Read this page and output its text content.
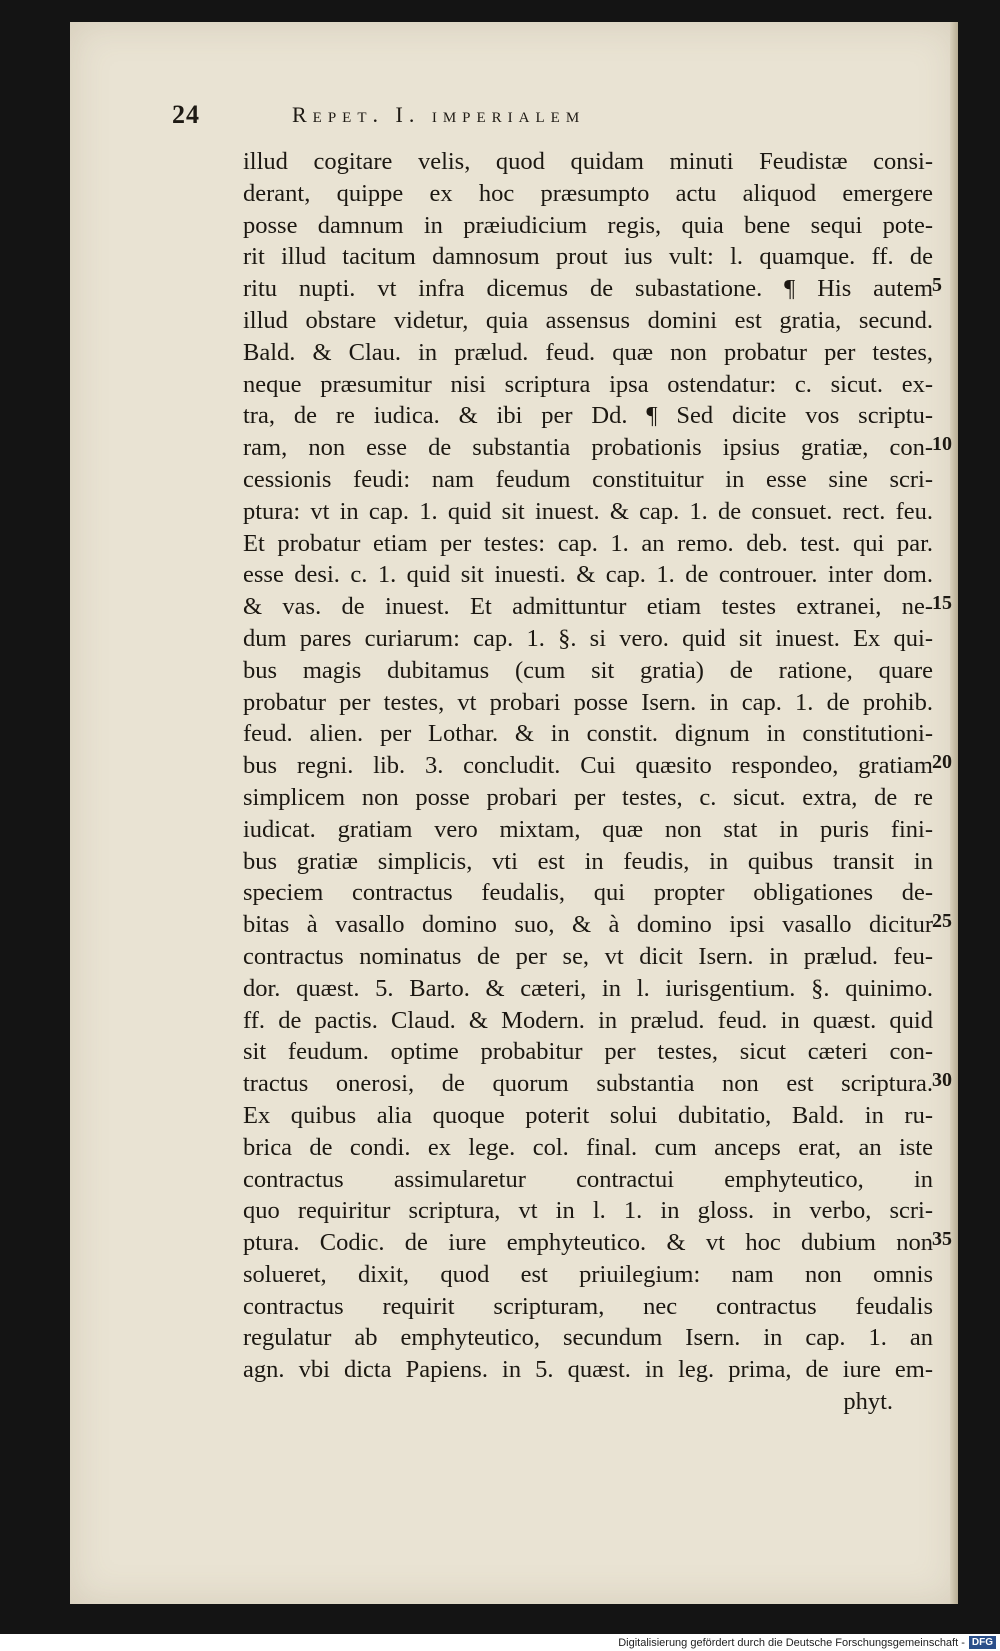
24	Repet. I. imperialem
illud cogitare velis, quod quidam minuti Feudistæ consi-
derant, quippe ex hoc præsumpto actu aliquod emergere
posse damnum in præiudicium regis, quia bene sequi pote-
rit illud tacitum damnosum prout ius vult: l. quamque. ff. de
ritu nupti. vt infra dicemus de subastatione. ¶ His autem
illud obstare videtur, quia assensus domini est gratia, secund.
Bald. & Clau. in prælud. feud. quæ non probatur per testes,
neque præsumitur nisi scriptura ipsa ostendatur: c. sicut. ex-
tra, de re iudica. & ibi per Dd. ¶ Sed dicite vos scriptu-
ram, non esse de substantia probationis ipsius gratiæ, con-
cessionis feudi: nam feudum constituitur in esse sine scri-
ptura: vt in cap. 1. quid sit inuest. & cap. 1. de consuet. rect. feu.
Et probatur etiam per testes: cap. 1. an remo. deb. test. qui par.
esse desi. c. 1. quid sit inuesti. & cap. 1. de controuer. inter dom.
& vas. de inuest. Et admittuntur etiam testes extranei, ne-
dum pares curiarum: cap. 1. §. si vero. quid sit inuest. Ex qui-
bus magis dubitamus (cum sit gratia) de ratione, quare
probatur per testes, vt probari posse Isern. in cap. 1. de prohib.
feud. alien. per Lothar. & in constit. dignum in constitutioni-
bus regni. lib. 3. concludit. Cui quæsito respondeo, gratiam
simplicem non posse probari per testes, c. sicut. extra, de re
iudicat. gratiam vero mixtam, quæ non stat in puris fini-
bus gratiæ simplicis, vti est in feudis, in quibus transit in
speciem contractus feudalis, qui propter obligationes de-
bitas à vasallo domino suo, & à domino ipsi vasallo dicitur
contractus nominatus de per se, vt dicit Isern. in prælud. feu-
dor. quæst. 5. Barto. & cæteri, in l. iurisgentium. §. quinimo.
ff. de pactis. Claud. & Modern. in prælud. feud. in quæst. quid
sit feudum. optime probabitur per testes, sicut cæteri con-
tractus onerosi, de quorum substantia non est scriptura.
Ex quibus alia quoque poterit solui dubitatio, Bald. in ru-
brica de condi. ex lege. col. final. cum anceps erat, an iste
contractus assimularetur contractui emphyteutico, in
quo requiritur scriptura, vt in l. 1. in gloss. in verbo, scri-
ptura. Codic. de iure emphyteutico. & vt hoc dubium non
solueret, dixit, quod est priuilegium: nam non omnis
contractus requirit scripturam, nec contractus feudalis
regulatur ab emphyteutico, secundum Isern. in cap. 1. an
agn. vbi dicta Papiens. in 5. quæst. in leg. prima, de iure em-
phyt.
5
10
15
20
25
30
35
Digitalisierung gefördert durch die Deutsche Forschungsgemeinschaft - DFG
